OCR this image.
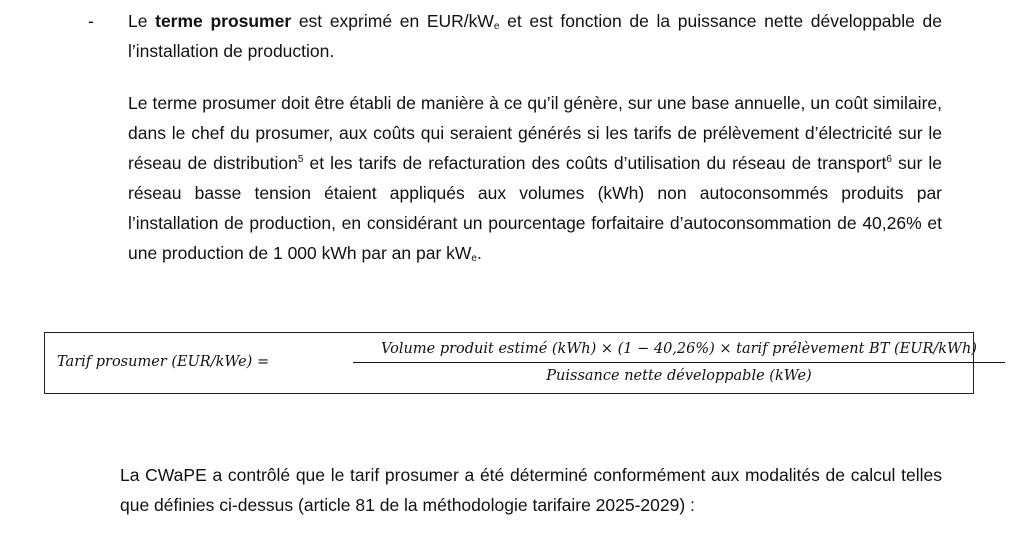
- Le terme prosumer est exprimé en EUR/$kW_e$ et est fonction de la puissance nette développable de l’installation de production.

Le terme prosumer doit être établi de manière à ce qu’il génère, sur une base annuelle, un coût similaire, dans le chef du prosumer, aux coûts qui seraient générés si les tarifs de prélèvement d’électricité sur le réseau de distribution$^5$ et les tarifs de refacturation des coûts d’utilisation du réseau de transport$^6$ sur le réseau basse tension étaient appliqués aux volumes (kWh) non autoconsommés produits par l’installation de production, en considérant un pourcentage forfaitaire d’autoconsommation de 40,26% et une production de 1 000 kWh par an par $kW_e$.

Tarif prosumer (EUR/kWe) =
Volume produit estimé (kWh) × (1 − 40,26%) × tarif prélèvement BT (EUR/kWh)
Puissance nette développable (kWe)

La CWaPE a contrôlé que le tarif prosumer a été déterminé conformément aux modalités de calcul telles que définies ci-dessus (article 81 de la méthodologie tarifaire 2025-2029) :
